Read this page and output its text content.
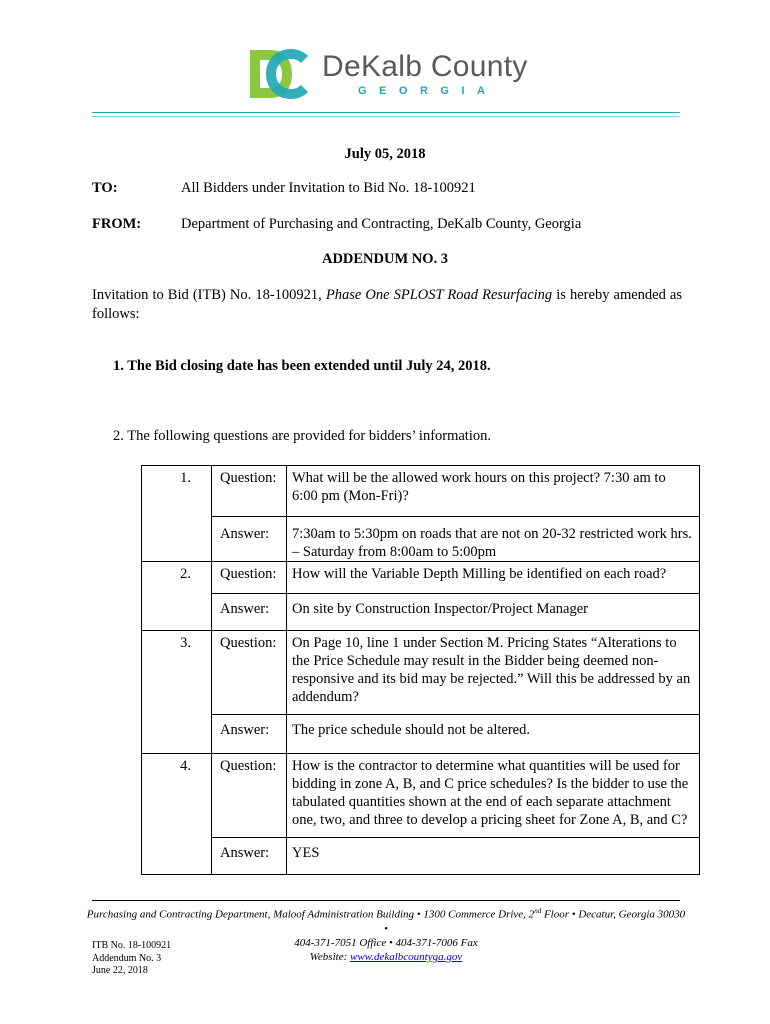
DeKalb County
GEORGIA
July 05, 2018
TO:	All Bidders under Invitation to Bid No. 18-100921
FROM:	Department of Purchasing and Contracting, DeKalb County, Georgia
ADDENDUM NO. 3
Invitation to Bid (ITB) No. 18-100921, Phase One SPLOST Road Resurfacing is hereby amended as follows:
1. The Bid closing date has been extended until July 24, 2018.
2. The following questions are provided for bidders’ information.
1.	Question:	What will be the allowed work hours on this project? 7:30 am to 6:00 pm (Mon-Fri)?
	Answer:	7:30am to 5:30pm on roads that are not on 20-32 restricted work hrs. – Saturday from 8:00am to 5:00pm
2.	Question:	How will the Variable Depth Milling be identified on each road?
	Answer:	On site by Construction Inspector/Project Manager
3.	Question:	On Page 10, line 1 under Section M. Pricing States “Alterations to the Price Schedule may result in the Bidder being deemed non-responsive and its bid may be rejected.” Will this be addressed by an addendum?
	Answer:	The price schedule should not be altered.
4.	Question:	How is the contractor to determine what quantities will be used for bidding in zone A, B, and C price schedules? Is the bidder to use the tabulated quantities shown at the end of each separate attachment one, two, and three to develop a pricing sheet for Zone A, B, and C?
	Answer:	YES
Purchasing and Contracting Department, Maloof Administration Building • 1300 Commerce Drive, 2nd Floor • Decatur, Georgia 30030 •
404-371-7051 Office • 404-371-7006 Fax
Website: www.dekalbcountyga.gov
ITB No. 18-100921
Addendum No. 3
June 22, 2018
